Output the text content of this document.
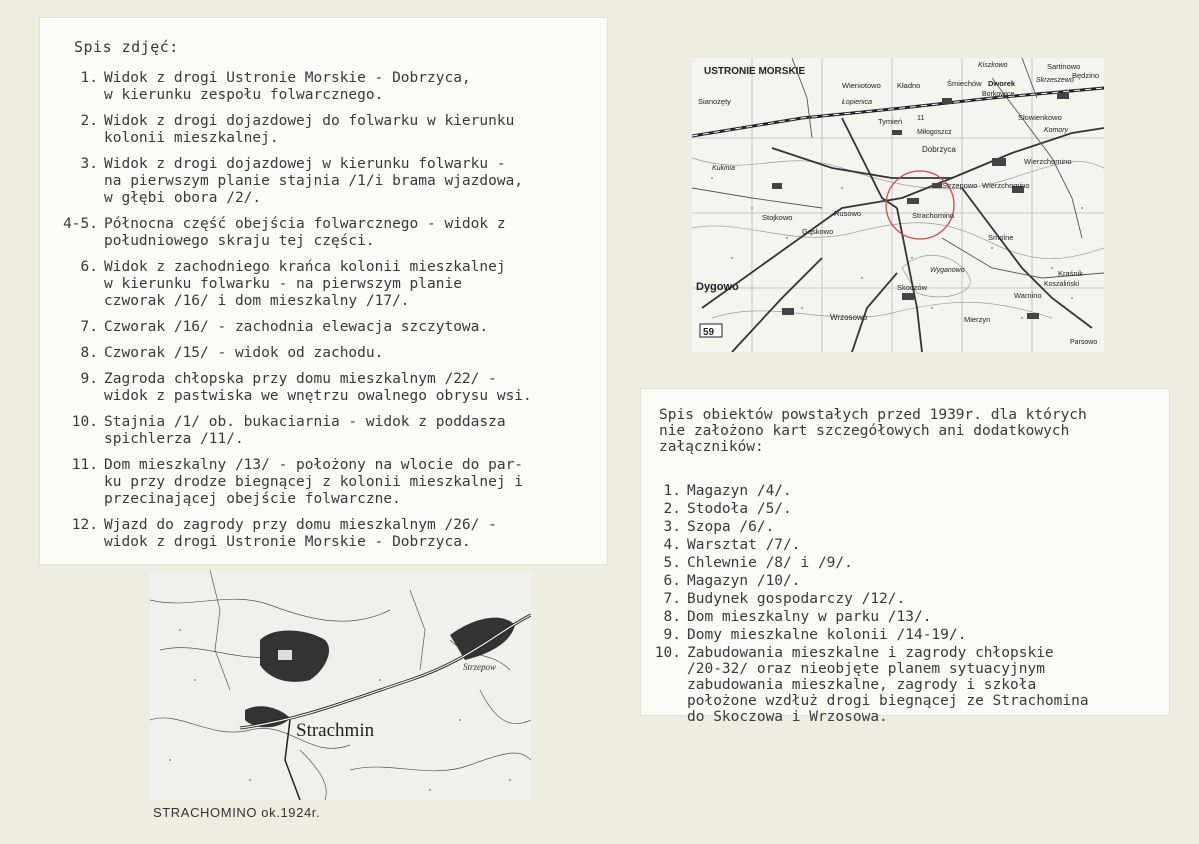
Spis zdjęć:
1. Widok z drogi Ustronie Morskie - Dobrzyca,
w kierunku zespołu folwarcznego.
2. Widok z drogi dojazdowej do folwarku w kierunku
kolonii mieszkalnej.
3. Widok z drogi dojazdowej w kierunku folwarku -
na pierwszym planie stajnia /1/i brama wjazdowa,
w głębi obora /2/.
4-5. Północna część obejścia folwarcznego - widok z
południowego skraju tej części.
6. Widok z zachodniego krańca kolonii mieszkalnej
w kierunku folwarku - na pierwszym planie
czworak /16/ i dom mieszkalny /17/.
7. Czworak /16/ - zachodnia elewacja szczytowa.
8. Czworak /15/ - widok od zachodu.
9. Zagroda chłopska przy domu mieszkalnym /22/ -
widok z pastwiska we wnętrzu owalnego obrysu wsi.
10. Stajnia /1/ ob. bukaciarnia - widok z poddasza
spichlerza /11/.
11. Dom mieszkalny /13/ - położony na wlocie do par-
ku przy drodze biegnącej z kolonii mieszkalnej i
przecinającej obejście folwarczne.
12. Wjazd do zagrody przy domu mieszkalnym /26/ -
widok z drogi Ustronie Morskie - Dobrzyca.
USTRONIE MORSKIE
Kiszkowo	Sartinowo
Będzino
Skrzeszewo
Wieniotowo Kładno	Śmiechów Dworek
Borkowice
Sianożęty	Łopienica
Słowienkowo
Tymień
Miłogoszcz	Komory
Dobrzyca
Wierzchomino
Kukinia
Strzepowo Wierzchomino
Stojkowo	Rusowo	Strachomino
Gąskowo
Smolne
Wyganowo	Kraśnik
Koszaliński
Dygowo	Skoczów
Warnino
Wrzosowo	Mierzyn
Parsowo
59
11
Spis obiektów powstałych przed 1939r. dla których
nie założono kart szczegółowych ani dodatkowych
załączników:
1. Magazyn /4/.
2. Stodoła /5/.
3. Szopa /6/.
4. Warsztat /7/.
5. Chlewnie /8/ i /9/.
6. Magazyn /10/.
7. Budynek gospodarczy /12/.
8. Dom mieszkalny w parku /13/.
9. Domy mieszkalne kolonii /14-19/.
10. Zabudowania mieszkalne i zagrody chłopskie
/20-32/ oraz nieobjęte planem sytuacyjnym
zabudowania mieszkalne, zagrody i szkoła
położone wzdłuż drogi biegnącej ze Strachomina
do Skoczowa i Wrzosowa.
Strachmin
Strzepow
STRACHOMINO ok.1924r.
